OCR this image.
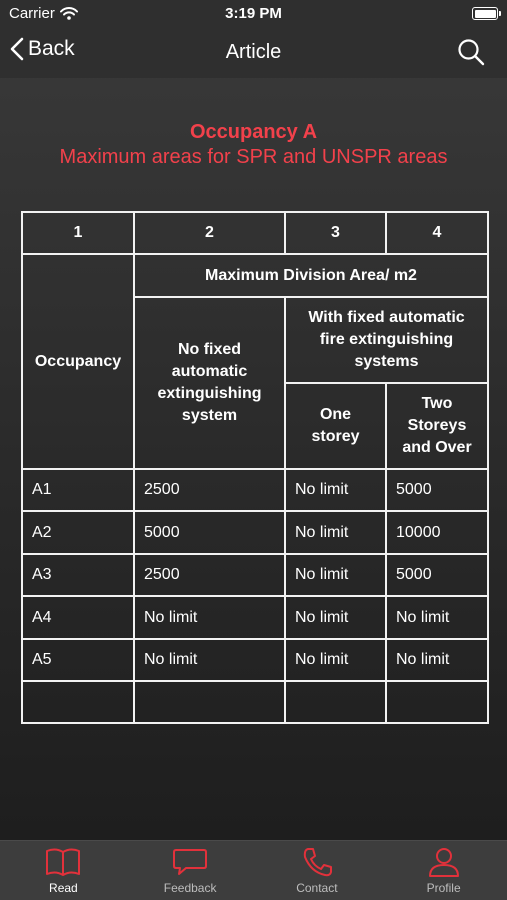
Carrier	3:19 PM
Back	Article
Occupancy A
Maximum areas for SPR and UNSPR areas
1	2	3	4
Occupancy	Maximum Division Area/ m2		
	No fixed automatic extinguishing system	With fixed automatic fire extinguishing systems	
		One storey	Two Storeys and Over
A1	2500	No limit	5000
A2	5000	No limit	10000
A3	2500	No limit	5000
A4	No limit	No limit	No limit
A5	No limit	No limit	No limit

Read	Feedback	Contact	Profile
